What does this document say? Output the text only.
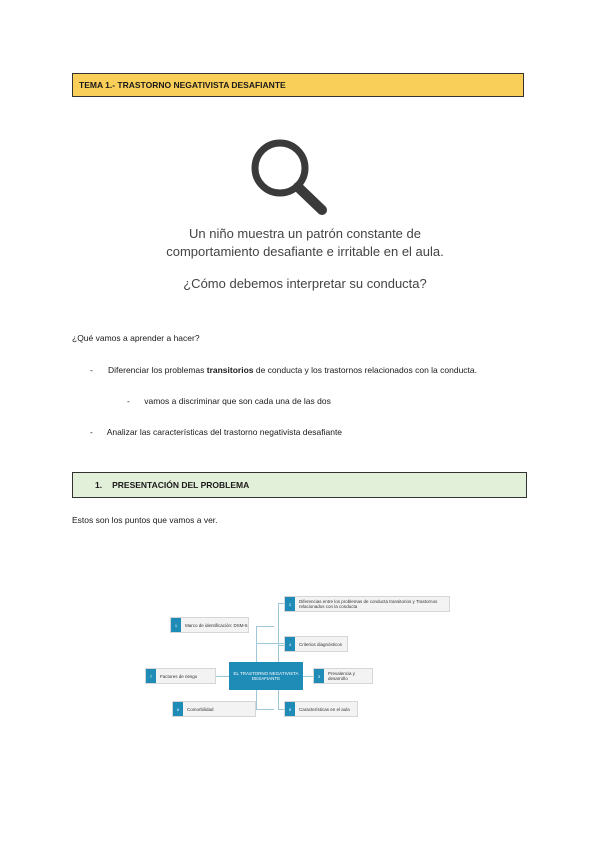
TEMA 1.- TRASTORNO NEGATIVISTA DESAFIANTE
Un niño muestra un patrón constante de
comportamiento desafiante e irritable en el aula.
¿Cómo debemos interpretar su conducta?
¿Qué vamos a aprender a hacer?
- Diferenciar los problemas transitorios de conducta y los trastornos relacionados con la conducta.
- vamos a discriminar que son cada una de las dos
- Analizar las características del trastorno negativista desafiante
1. PRESENTACIÓN DEL PROBLEMA
Estos son los puntos que vamos a ver.
EL TRASTORNO NEGATIVISTA DESAFIANTE
2	Diferencias entre los problemas de conducta transitorios y Trastornos relacionados con la conducta
1	Marco de identificación: DSM-5
4	Criterios diagnósticos
7	Factores de riesgo	3	Prevalencia y desarrollo
6	Comorbilidad	5	Características en el aula
